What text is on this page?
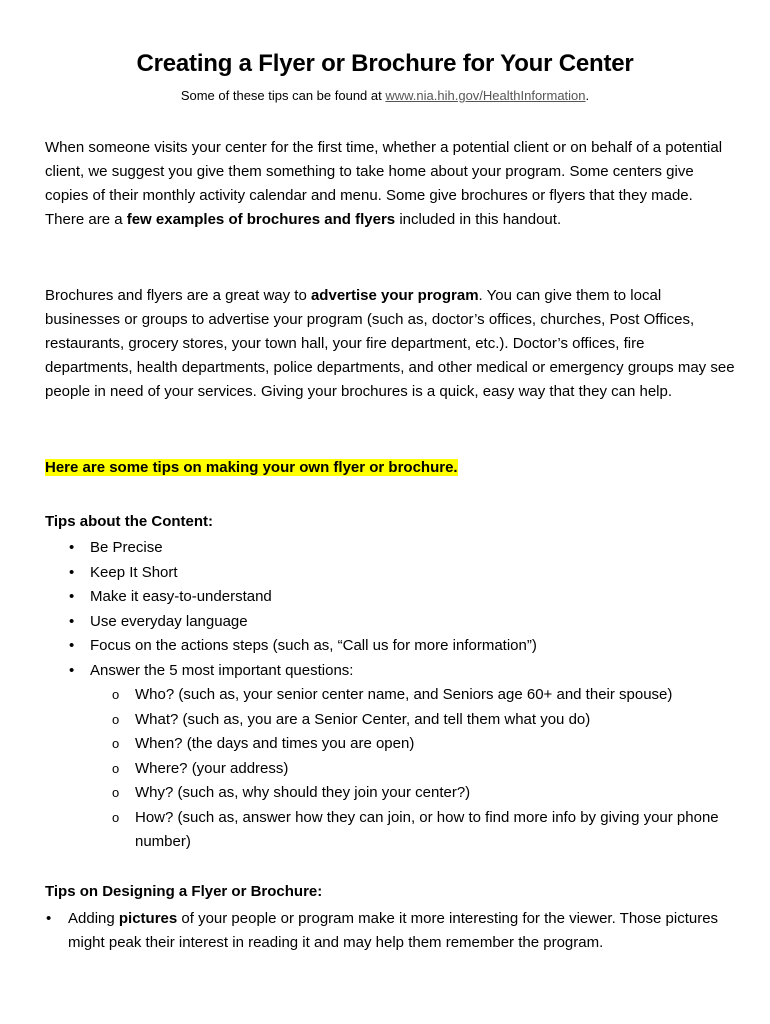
Creating a Flyer or Brochure for Your Center
Some of these tips can be found at www.nia.hih.gov/HealthInformation.
When someone visits your center for the first time, whether a potential client or on behalf of a potential client, we suggest you give them something to take home about your program. Some centers give copies of their monthly activity calendar and menu. Some give brochures or flyers that they made. There are a few examples of brochures and flyers included in this handout.
Brochures and flyers are a great way to advertise your program. You can give them to local businesses or groups to advertise your program (such as, doctor’s offices, churches, Post Offices, restaurants, grocery stores, your town hall, your fire department, etc.). Doctor’s offices, fire departments, health departments, police departments, and other medical or emergency groups may see people in need of your services. Giving your brochures is a quick, easy way that they can help.
Here are some tips on making your own flyer or brochure.
Tips about the Content:
• Be Precise
• Keep It Short
• Make it easy-to-understand
• Use everyday language
• Focus on the actions steps (such as, “Call us for more information”)
• Answer the 5 most important questions:
o Who? (such as, your senior center name, and Seniors age 60+ and their spouse)
o What? (such as, you are a Senior Center, and tell them what you do)
o When? (the days and times you are open)
o Where? (your address)
o Why? (such as, why should they join your center?)
o How? (such as, answer how they can join, or how to find more info by giving your phone number)
Tips on Designing a Flyer or Brochure:
• Adding pictures of your people or program make it more interesting for the viewer. Those pictures might peak their interest in reading it and may help them remember the program.
